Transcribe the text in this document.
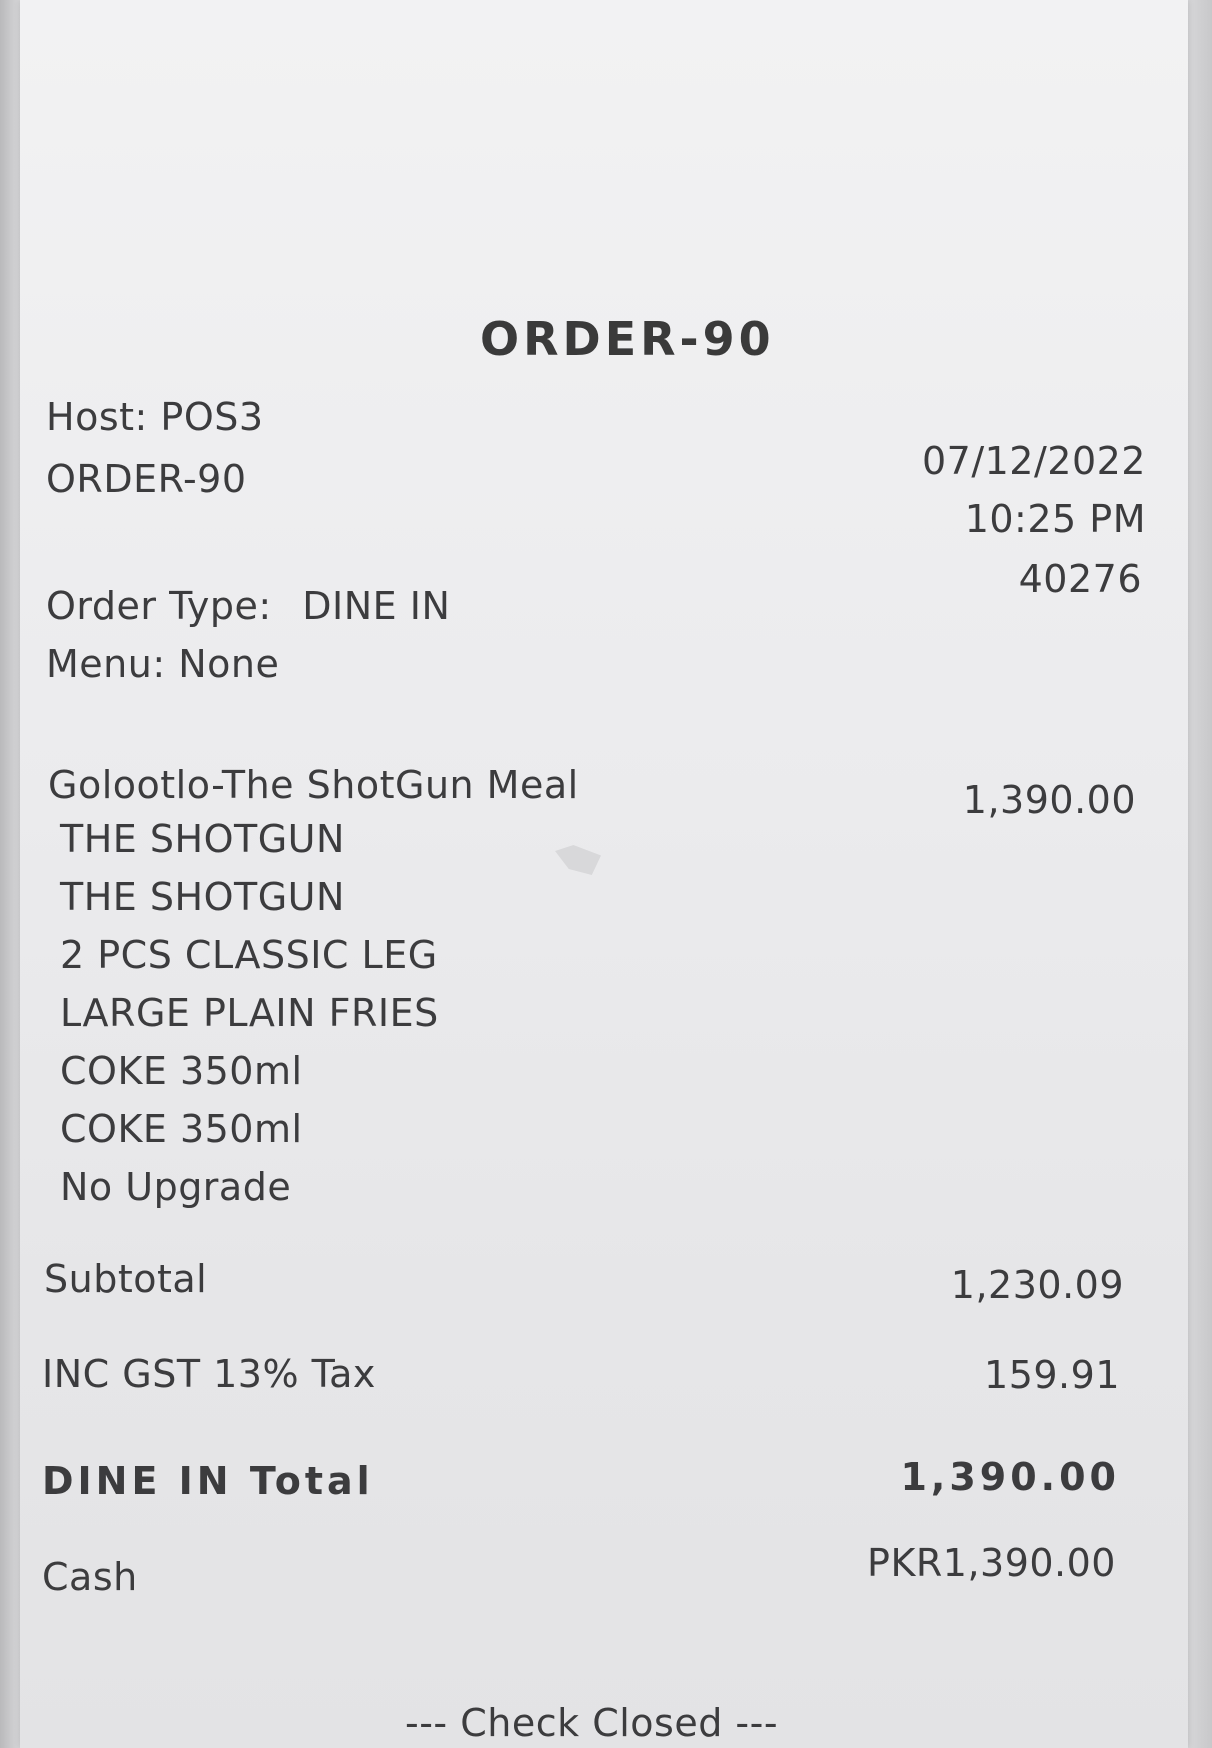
ORDER-90
Host: POS3
ORDER-90	07/12/2022
10:25 PM
40276
Order Type: DINE IN
Menu: None
Golootlo-The ShotGun Meal	1,390.00
THE SHOTGUN
THE SHOTGUN
2 PCS CLASSIC LEG
LARGE PLAIN FRIES
COKE 350ml
COKE 350ml
No Upgrade
Subtotal	1,230.09
INC GST 13% Tax	159.91
DINE IN Total	1,390.00
Cash	PKR1,390.00
--- Check Closed ---
